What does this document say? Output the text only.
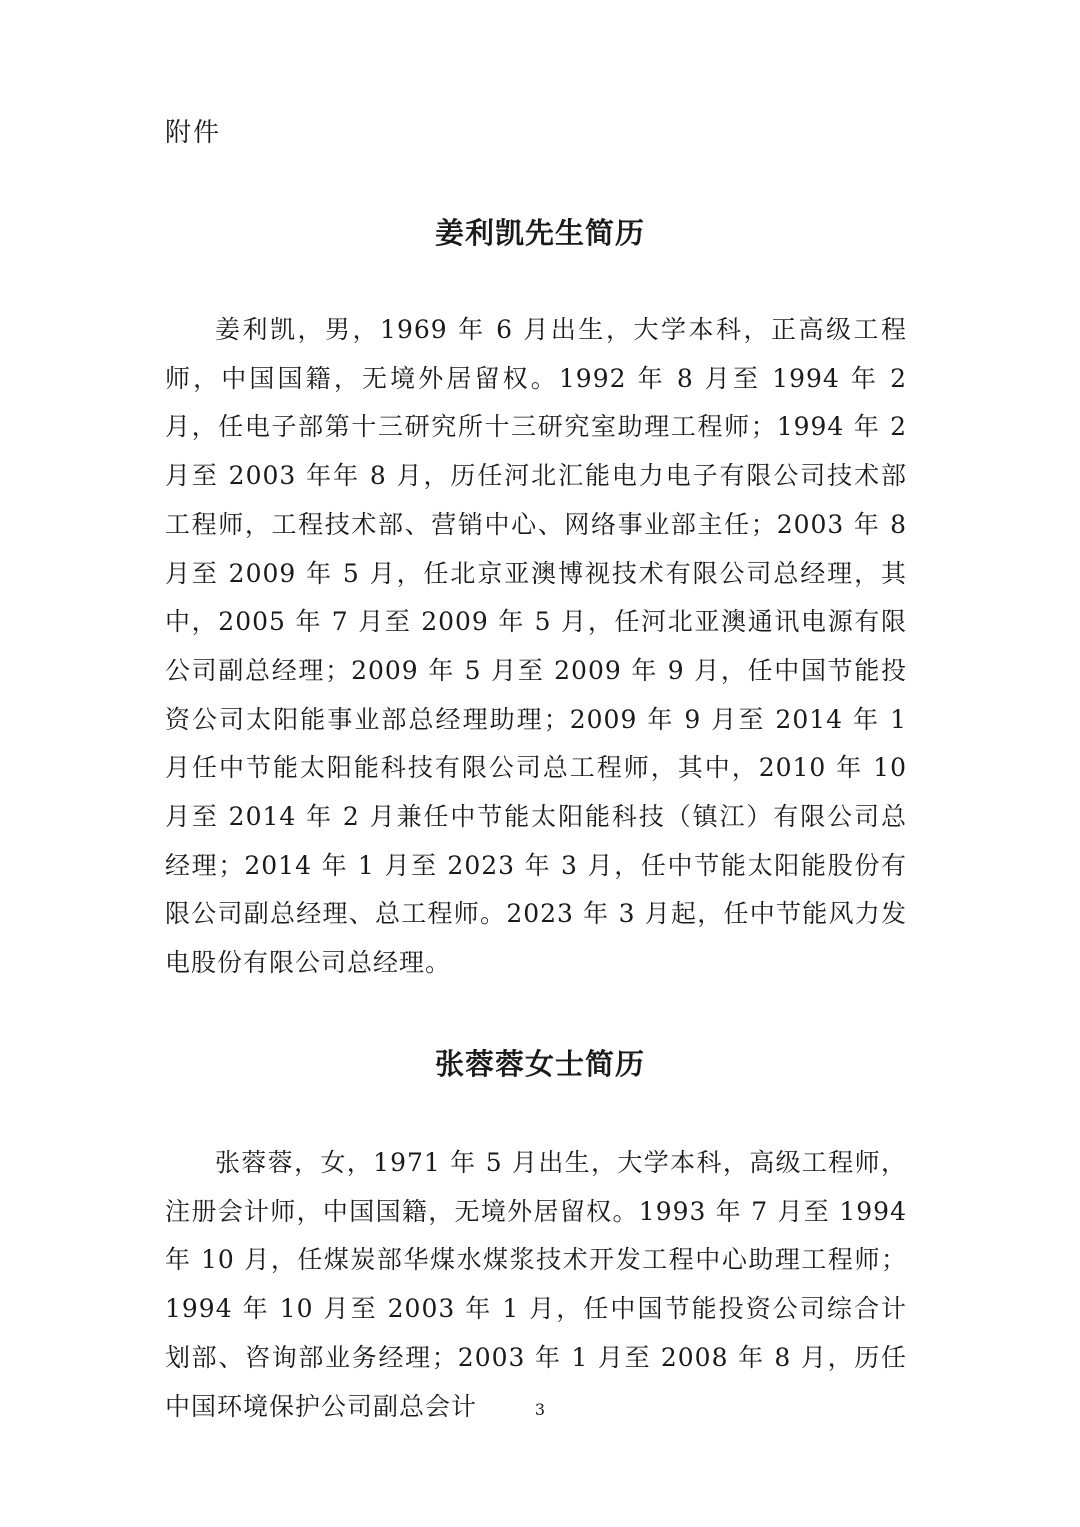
附件
姜利凯先生简历

姜利凯，男，1969 年 6 月出生，大学本科，正高级工程师，中国国籍，无境外居留权。1992 年 8 月至 1994 年 2 月，任电子部第十三研究所十三研究室助理工程师；1994 年 2 月至 2003 年年 8 月，历任河北汇能电力电子有限公司技术部工程师，工程技术部、营销中心、网络事业部主任；2003 年 8 月至 2009 年 5 月，任北京亚澳博视技术有限公司总经理，其中，2005 年 7 月至 2009 年 5 月，任河北亚澳通讯电源有限公司副总经理；2009 年 5 月至 2009 年 9 月，任中国节能投资公司太阳能事业部总经理助理；2009 年 9 月至 2014 年 1 月任中节能太阳能科技有限公司总工程师，其中，2010 年 10 月至 2014 年 2 月兼任中节能太阳能科技（镇江）有限公司总经理；2014 年 1 月至 2023 年 3 月，任中节能太阳能股份有限公司副总经理、总工程师。2023 年 3 月起，任中节能风力发电股份有限公司总经理。

张蓉蓉女士简历

张蓉蓉，女，1971 年 5 月出生，大学本科，高级工程师，注册会计师，中国国籍，无境外居留权。1993 年 7 月至 1994 年 10 月，任煤炭部华煤水煤浆技术开发工程中心助理工程师；1994 年 10 月至 2003 年 1 月，任中国节能投资公司综合计划部、咨询部业务经理；2003 年 1 月至 2008 年 8 月，历任中国环境保护公司副总会计	3
